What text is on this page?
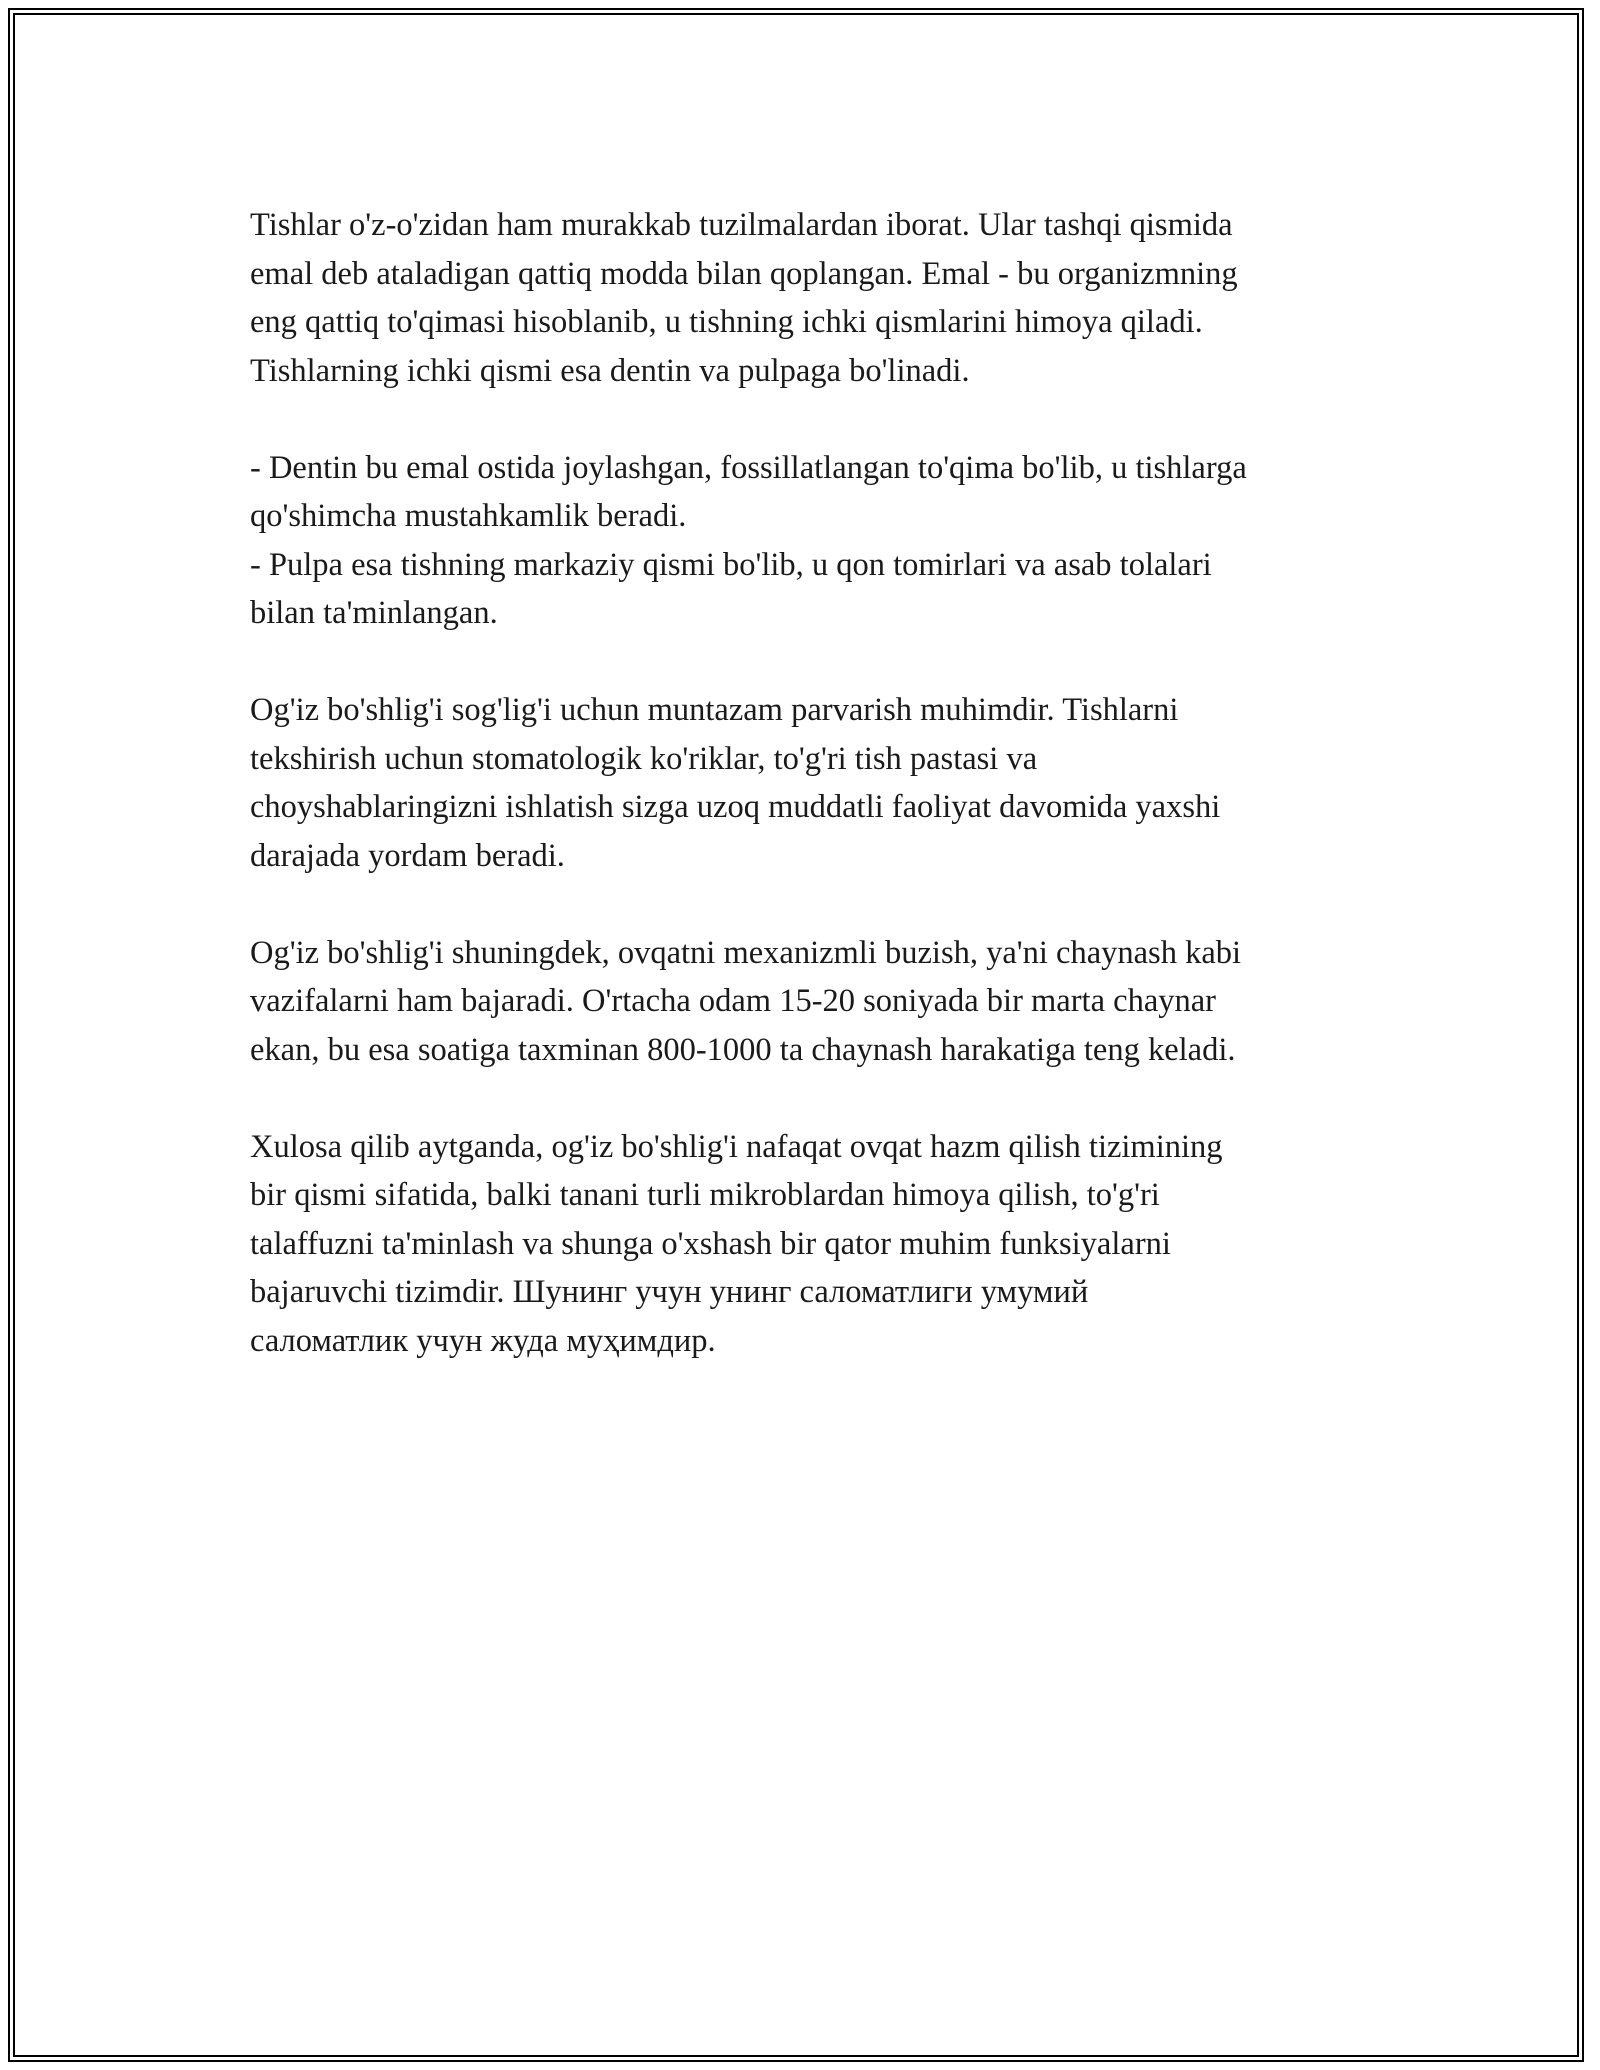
Tishlar o'z-o'zidan ham murakkab tuzilmalardan iborat. Ular tashqi qismida
emal deb ataladigan qattiq modda bilan qoplangan. Emal - bu organizmning
eng qattiq to'qimasi hisoblanib, u tishning ichki qismlarini himoya qiladi.
Tishlarning ichki qismi esa dentin va pulpaga bo'linadi.
- Dentin bu emal ostida joylashgan, fossillatlangan to'qima bo'lib, u tishlarga
qo'shimcha mustahkamlik beradi.
- Pulpa esa tishning markaziy qismi bo'lib, u qon tomirlari va asab tolalari
bilan ta'minlangan.
Og'iz bo'shlig'i sog'lig'i uchun muntazam parvarish muhimdir. Tishlarni
tekshirish uchun stomatologik ko'riklar, to'g'ri tish pastasi va
choyshablaringizni ishlatish sizga uzoq muddatli faoliyat davomida yaxshi
darajada yordam beradi.
Og'iz bo'shlig'i shuningdek, ovqatni mexanizmli buzish, ya'ni chaynash kabi
vazifalarni ham bajaradi. O'rtacha odam 15-20 soniyada bir marta chaynar
ekan, bu esa soatiga taxminan 800-1000 ta chaynash harakatiga teng keladi.
Xulosa qilib aytganda, og'iz bo'shlig'i nafaqat ovqat hazm qilish tizimining
bir qismi sifatida, balki tanani turli mikroblardan himoya qilish, to'g'ri
talaffuzni ta'minlash va shunga o'xshash bir qator muhim funksiyalarni
bajaruvchi tizimdir. Шунинг учун унинг саломатлиги умумий
саломатлик учун жуда муҳимдир.
